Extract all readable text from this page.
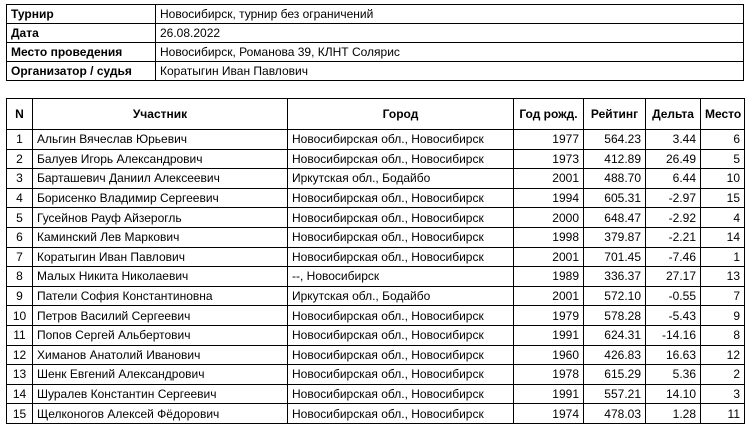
Турнир	Новосибирск, турнир без ограничений
Дата	26.08.2022
Место проведения	Новосибирск, Романова 39, КЛНТ Солярис
Организатор / судья	Коратыгин Иван Павлович
N	Участник	Город	Год рожд.	Рейтинг	Дельта	Место
1	Альгин Вячеслав Юрьевич	Новосибирская обл., Новосибирск	1977	564.23	3.44	6
2	Балуев Игорь Александрович	Новосибирская обл., Новосибирск	1973	412.89	26.49	5
3	Барташевич Даниил Алексеевич	Иркутская обл., Бодайбо	2001	488.70	6.44	10
4	Борисенко Владимир Сергеевич	Новосибирская обл., Новосибирск	1994	605.31	-2.97	15
5	Гусейнов Рауф Айзерогль	Новосибирская обл., Новосибирск	2000	648.47	-2.92	4
6	Каминский Лев Маркович	Новосибирская обл., Новосибирск	1998	379.87	-2.21	14
7	Коратыгин Иван Павлович	Новосибирская обл., Новосибирск	2001	701.45	-7.46	1
8	Малых Никита Николаевич	--, Новосибирск	1989	336.37	27.17	13
9	Патели София Константиновна	Иркутская обл., Бодайбо	2001	572.10	-0.55	7
10	Петров Василий Сергеевич	Новосибирская обл., Новосибирск	1979	578.28	-5.43	9
11	Попов Сергей Альбертович	Новосибирская обл., Новосибирск	1991	624.31	-14.16	8
12	Химанов Анатолий Иванович	Новосибирская обл., Новосибирск	1960	426.83	16.63	12
13	Шенк Евгений Александрович	Новосибирская обл., Новосибирск	1978	615.29	5.36	2
14	Шуралев Константин Сергеевич	Новосибирская обл., Новосибирск	1991	557.21	14.10	3
15	Щелконогов Алексей Фёдорович	Новосибирская обл., Новосибирск	1974	478.03	1.28	11
